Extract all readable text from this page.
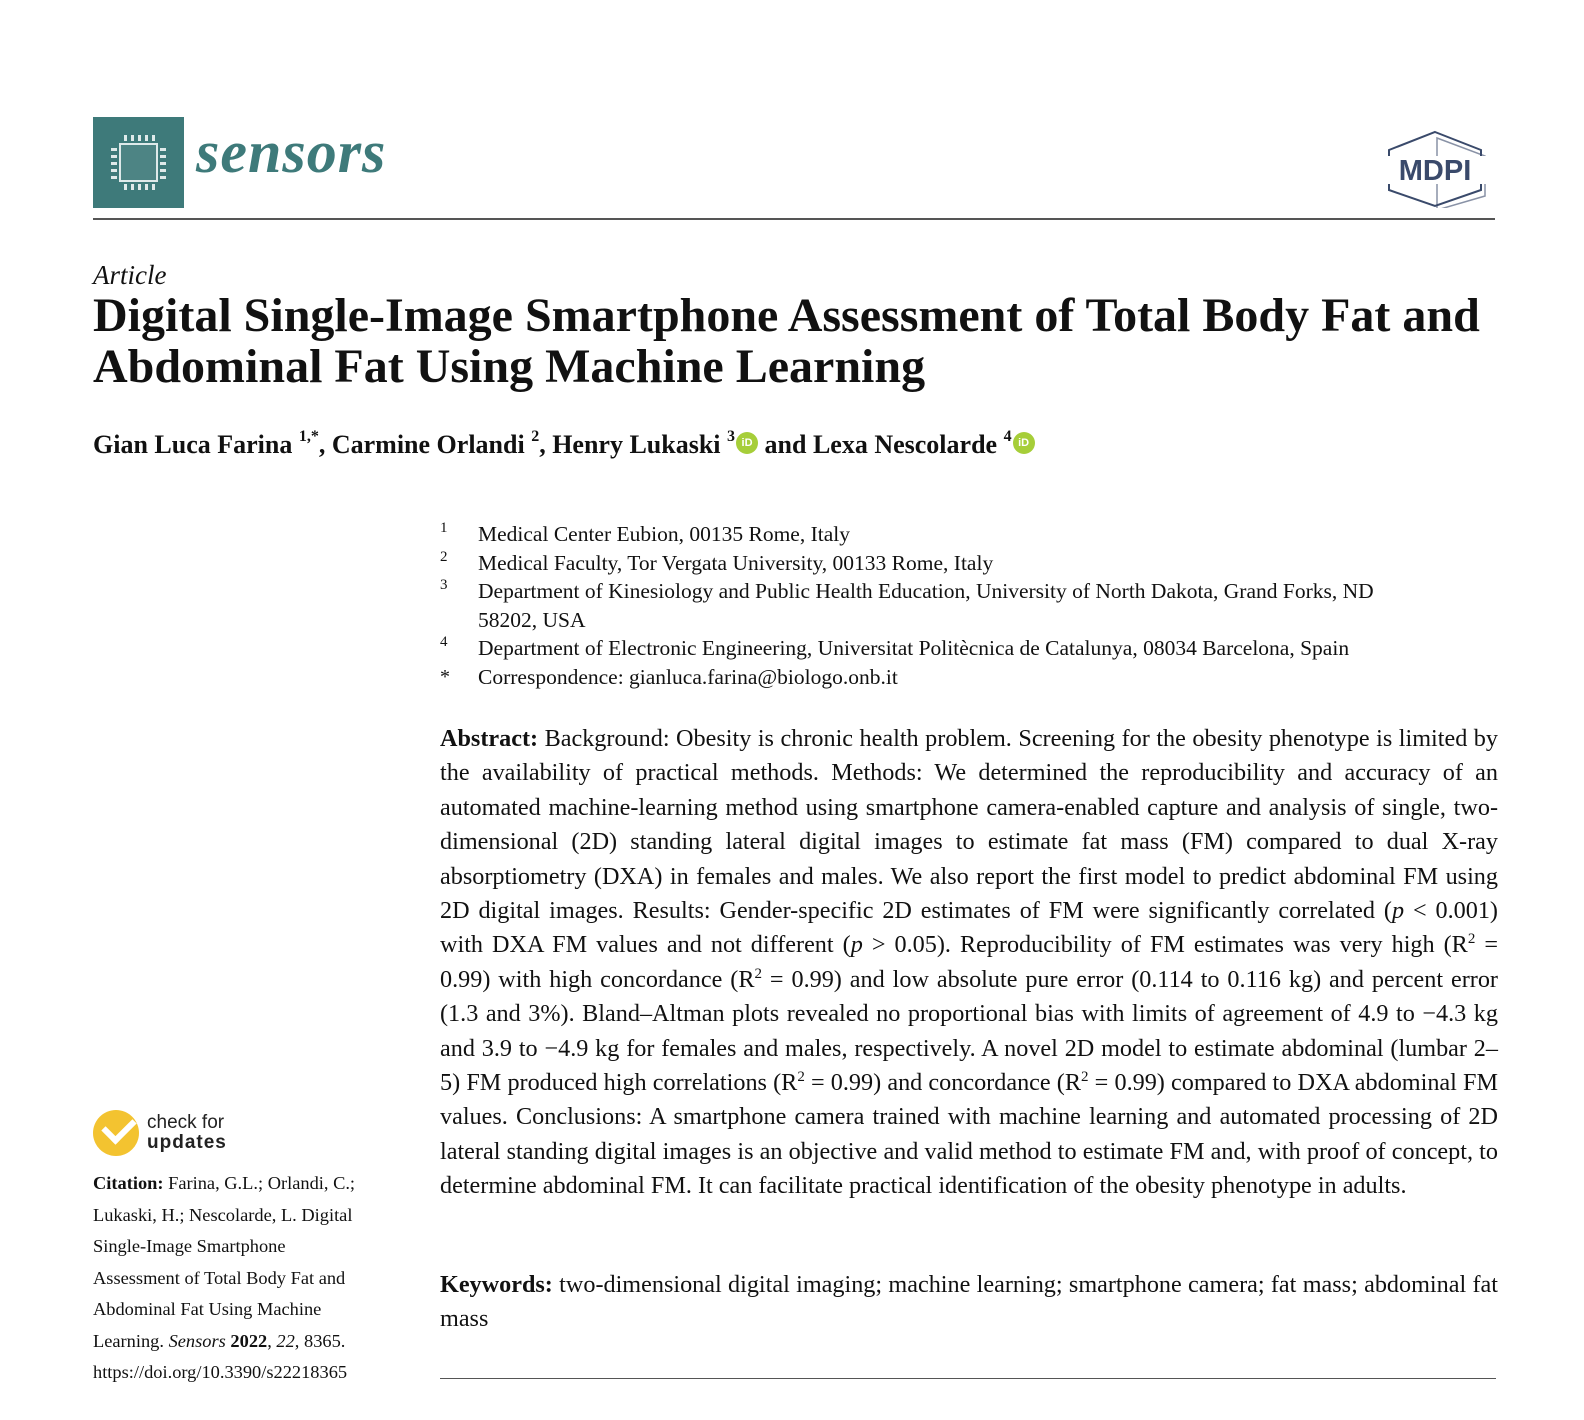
sensors	MDPI
Article
Digital Single-Image Smartphone Assessment of Total Body Fat and Abdominal Fat Using Machine Learning
Gian Luca Farina $^{1,*}$, Carmine Orlandi $^2$, Henry Lukaski $^3$ iD and Lexa Nescolarde $^4$ iD
1	Medical Center Eubion, 00135 Rome, Italy
2	Medical Faculty, Tor Vergata University, 00133 Rome, Italy
3	Department of Kinesiology and Public Health Education, University of North Dakota, Grand Forks, ND 58202, USA
4	Department of Electronic Engineering, Universitat Politècnica de Catalunya, 08034 Barcelona, Spain
*	Correspondence: gianluca.farina@biologo.onb.it
Abstract: Background: Obesity is chronic health problem. Screening for the obesity phenotype is limited by the availability of practical methods. Methods: We determined the reproducibility and accuracy of an automated machine-learning method using smartphone camera-enabled capture and analysis of single, two-dimensional (2D) standing lateral digital images to estimate fat mass (FM) compared to dual X-ray absorptiometry (DXA) in females and males. We also report the first model to predict abdominal FM using 2D digital images. Results: Gender-specific 2D estimates of FM were significantly correlated (p < 0.001) with DXA FM values and not different (p > 0.05). Reproducibility of FM estimates was very high $(R^2 = 0.99)$ with high concordance $(R^2 = 0.99)$ and low absolute pure error (0.114 to 0.116 kg) and percent error (1.3 and 3%). Bland–Altman plots revealed no proportional bias with limits of agreement of 4.9 to −4.3 kg and 3.9 to −4.9 kg for females and males, respectively. A novel 2D model to estimate abdominal (lumbar 2–5) FM produced high correlations $(R^2 = 0.99)$ and concordance $(R^2 = 0.99)$ compared to DXA abdominal FM values. Conclusions: A smartphone camera trained with machine learning and automated processing of 2D lateral standing digital images is an objective and valid method to estimate FM and, with proof of concept, to determine abdominal FM. It can facilitate practical identification of the obesity phenotype in adults.
Keywords: two-dimensional digital imaging; machine learning; smartphone camera; fat mass; abdominal fat mass
check for
updates
Citation: Farina, G.L.; Orlandi, C.;
Lukaski, H.; Nescolarde, L. Digital
Single-Image Smartphone
Assessment of Total Body Fat and
Abdominal Fat Using Machine
Learning. Sensors 2022, 22, 8365.
https://doi.org/10.3390/s22218365
